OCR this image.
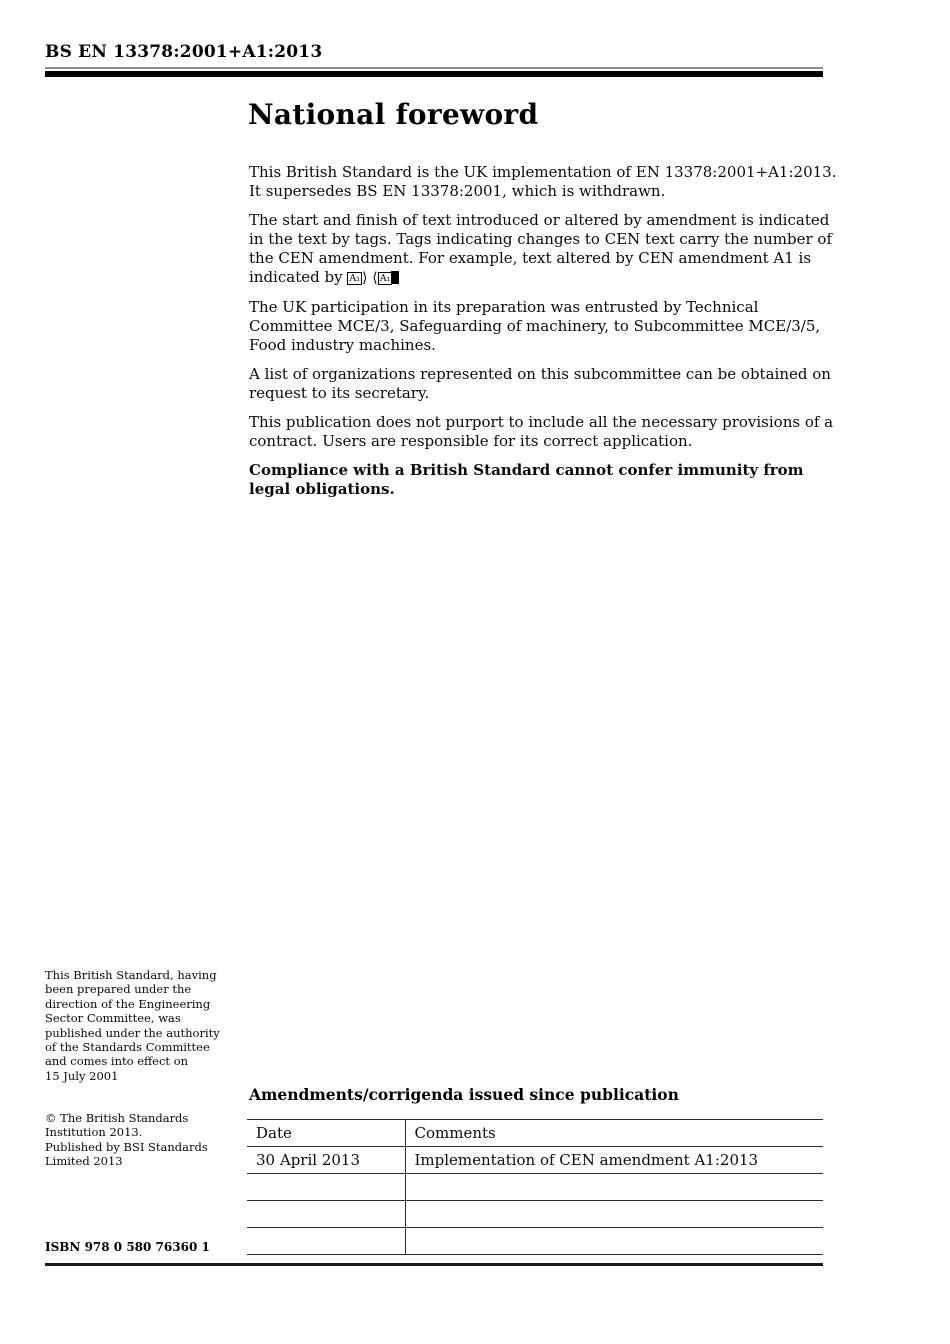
BS EN 13378:2001+A1:2013
National foreword

This British Standard is the UK implementation of EN 13378:2001+A1:2013.
It supersedes BS EN 13378:2001, which is withdrawn.

The start and finish of text introduced or altered by amendment is indicated
in the text by tags. Tags indicating changes to CEN text carry the number of
the CEN amendment. For example, text altered by CEN amendment A1 is
indicated by A₁ ⟩ ⟨ A₁

The UK participation in its preparation was entrusted by Technical
Committee MCE/3, Safeguarding of machinery, to Subcommittee MCE/3/5,
Food industry machines.

A list of organizations represented on this subcommittee can be obtained on
request to its secretary.

This publication does not purport to include all the necessary provisions of a
contract. Users are responsible for its correct application.

Compliance with a British Standard cannot confer immunity from
legal obligations.

This British Standard, having
been prepared under the
direction of the Engineering
Sector Committee, was
published under the authority
of the Standards Committee
and comes into effect on
15 July 2001
© The British Standards
Institution 2013.
Published by BSI Standards
Limited 2013
ISBN 978 0 580 76360 1
Amendments/corrigenda issued since publication
Date	Comments
30 April 2013	Implementation of CEN amendment A1:2013
